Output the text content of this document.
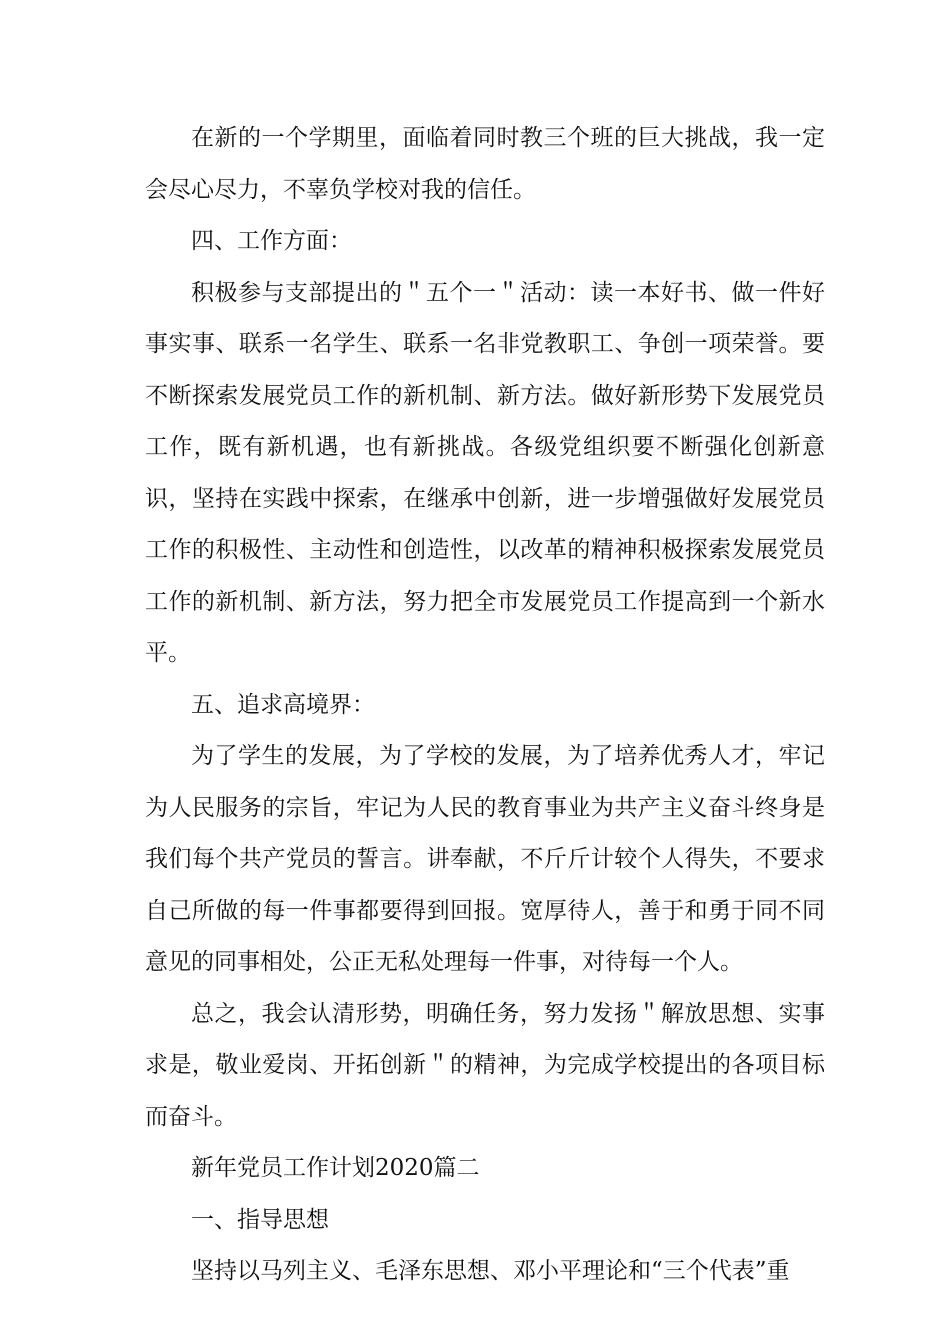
在新的一个学期里，面临着同时教三个班的巨大挑战，我一定会尽心尽力，不辜负学校对我的信任。

四、工作方面：

积极参与支部提出的＂五个一＂活动：读一本好书、做一件好事实事、联系一名学生、联系一名非党教职工、争创一项荣誉。要不断探索发展党员工作的新机制、新方法。做好新形势下发展党员工作，既有新机遇，也有新挑战。各级党组织要不断强化创新意识，坚持在实践中探索，在继承中创新，进一步增强做好发展党员工作的积极性、主动性和创造性，以改革的精神积极探索发展党员工作的新机制、新方法，努力把全市发展党员工作提高到一个新水平。

五、追求高境界：

为了学生的发展，为了学校的发展，为了培养优秀人才，牢记为人民服务的宗旨，牢记为人民的教育事业为共产主义奋斗终身是我们每个共产党员的誓言。讲奉献，不斤斤计较个人得失，不要求自己所做的每一件事都要得到回报。宽厚待人，善于和勇于同不同意见的同事相处，公正无私处理每一件事，对待每一个人。

总之，我会认清形势，明确任务，努力发扬＂解放思想、实事求是，敬业爱岗、开拓创新＂的精神，为完成学校提出的各项目标而奋斗。

新年党员工作计划2020篇二

一、指导思想

坚持以马列主义、毛泽东思想、邓小平理论和“三个代表”重
